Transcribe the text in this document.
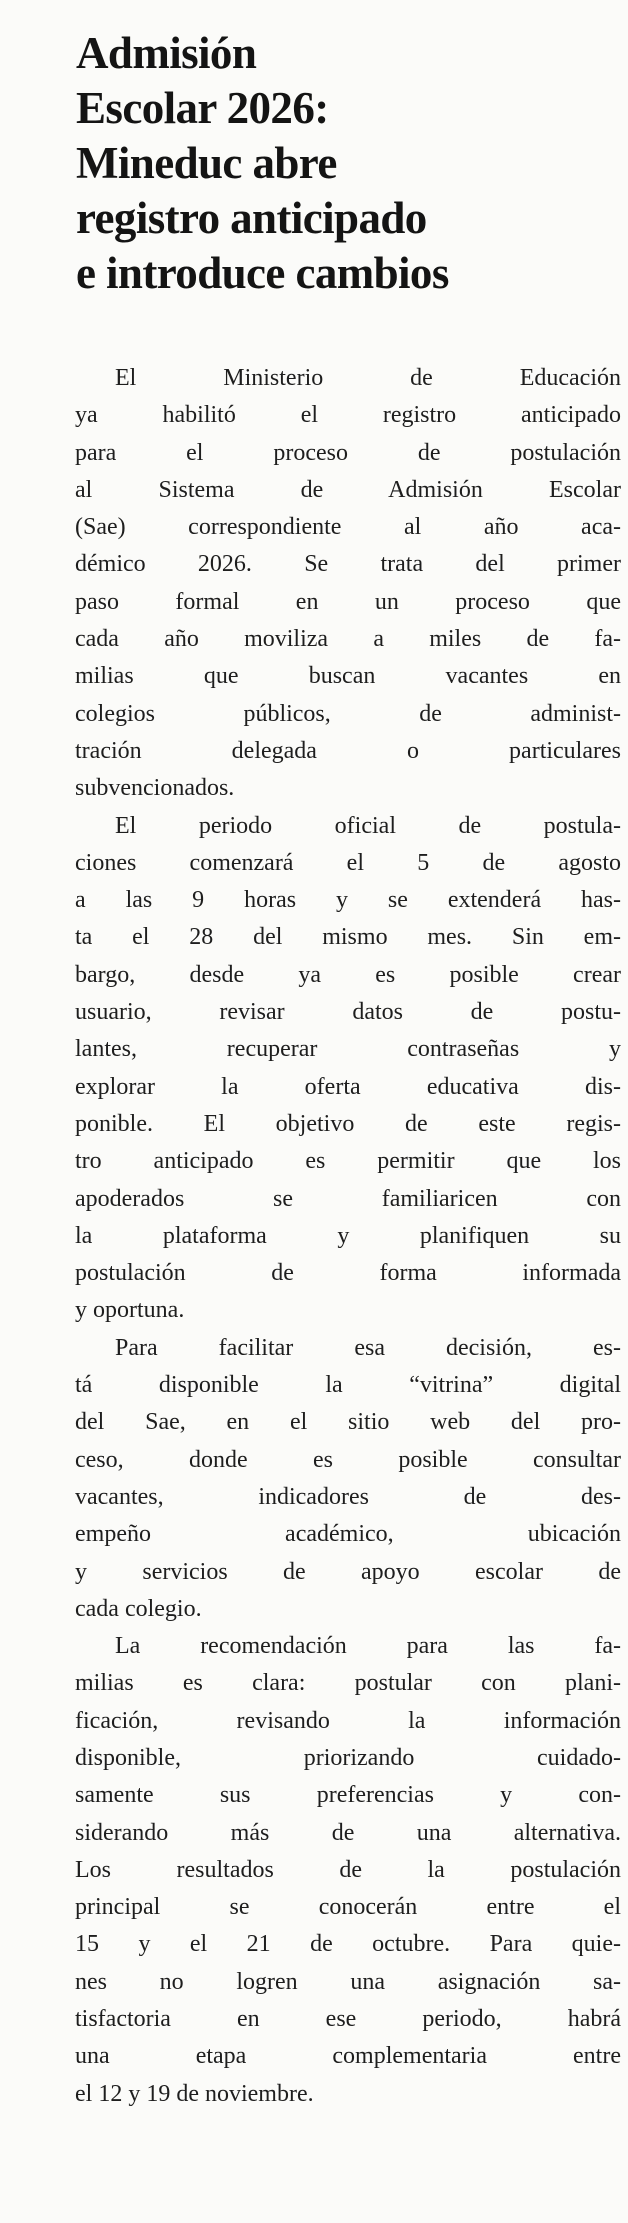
Admisión
Escolar 2026:
Mineduc abre
registro anticipado
e introduce cambios

El Ministerio de Educación
ya habilitó el registro anticipado
para el proceso de postulación
al Sistema de Admisión Escolar
(Sae) correspondiente al año aca-
démico 2026. Se trata del primer
paso formal en un proceso que
cada año moviliza a miles de fa-
milias que buscan vacantes en
colegios públicos, de administ-
tración delegada o particulares
subvencionados.

El periodo oficial de postula-
ciones comenzará el 5 de agosto
a las 9 horas y se extenderá has-
ta el 28 del mismo mes. Sin em-
bargo, desde ya es posible crear
usuario, revisar datos de postu-
lantes, recuperar contraseñas y
explorar la oferta educativa dis-
ponible. El objetivo de este regis-
tro anticipado es permitir que los
apoderados se familiaricen con
la plataforma y planifiquen su
postulación de forma informada
y oportuna.

Para facilitar esa decisión, es-
tá disponible la “vitrina” digital
del Sae, en el sitio web del pro-
ceso, donde es posible consultar
vacantes, indicadores de des-
empeño académico, ubicación
y servicios de apoyo escolar de
cada colegio.

La recomendación para las fa-
milias es clara: postular con plani-
ficación, revisando la información
disponible, priorizando cuidado-
samente sus preferencias y con-
siderando más de una alternativa.
Los resultados de la postulación
principal se conocerán entre el
15 y el 21 de octubre. Para quie-
nes no logren una asignación sa-
tisfactoria en ese periodo, habrá
una etapa complementaria entre
el 12 y 19 de noviembre.
